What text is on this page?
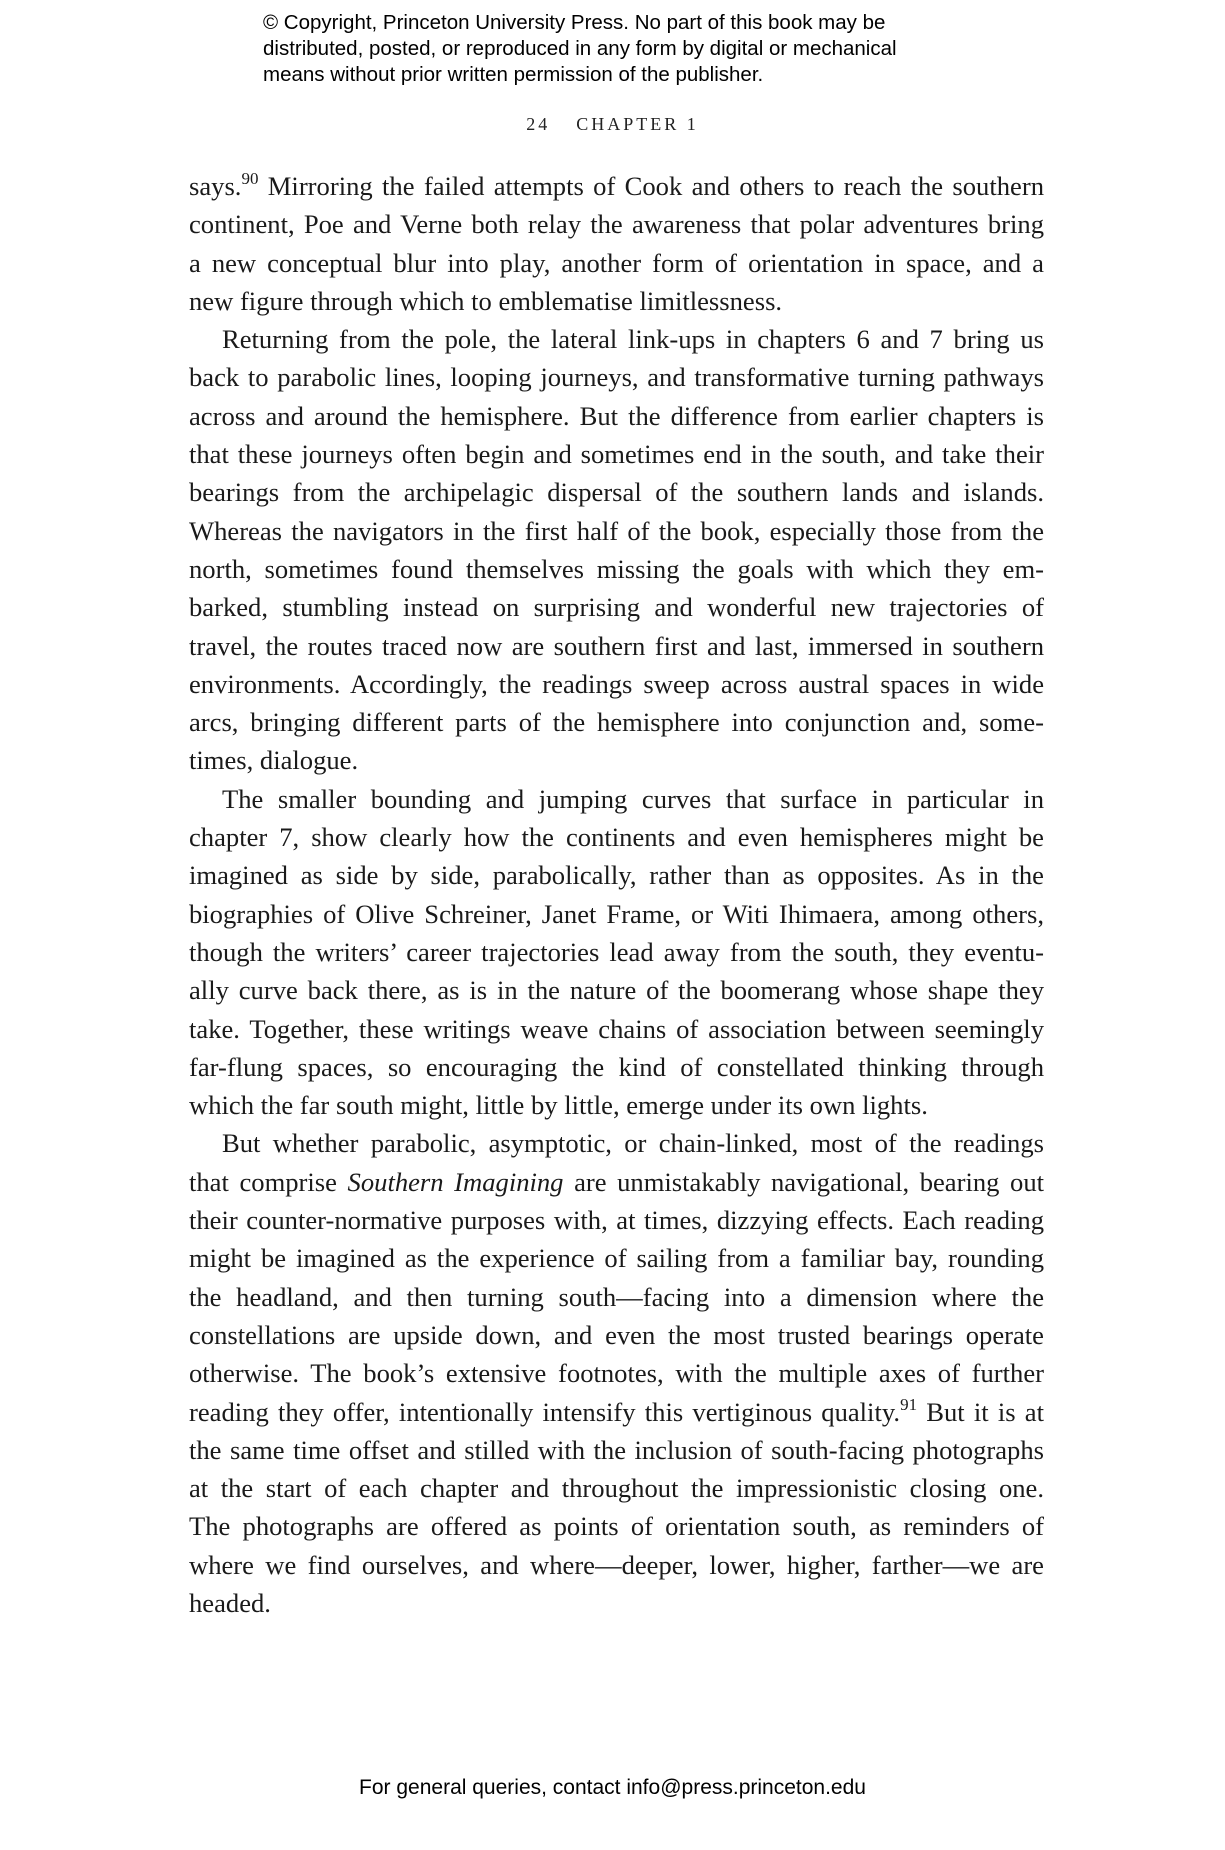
© Copyright, Princeton University Press. No part of this book may be
distributed, posted, or reproduced in any form by digital or mechanical
means without prior written permission of the publisher.
24 CHAPTER 1
says.$^{90}$ Mirroring the failed attempts of Cook and others to reach the southern
continent, Poe and Verne both relay the awareness that polar adventures bring
a new conceptual blur into play, another form of orientation in space, and a
new figure through which to emblematise limitlessness.
Returning from the pole, the lateral link-ups in chapters 6 and 7 bring us
back to parabolic lines, looping journeys, and transformative turning pathways
across and around the hemisphere. But the difference from earlier chapters is
that these journeys often begin and sometimes end in the south, and take their
bearings from the archipelagic dispersal of the southern lands and islands.
Whereas the navigators in the first half of the book, especially those from the
north, sometimes found themselves missing the goals with which they em-
barked, stumbling instead on surprising and wonderful new trajectories of
travel, the routes traced now are southern first and last, immersed in southern
environments. Accordingly, the readings sweep across austral spaces in wide
arcs, bringing different parts of the hemisphere into conjunction and, some-
times, dialogue.
The smaller bounding and jumping curves that surface in particular in
chapter 7, show clearly how the continents and even hemispheres might be
imagined as side by side, parabolically, rather than as opposites. As in the
biographies of Olive Schreiner, Janet Frame, or Witi Ihimaera, among others,
though the writers’ career trajectories lead away from the south, they eventu-
ally curve back there, as is in the nature of the boomerang whose shape they
take. Together, these writings weave chains of association between seemingly
far-flung spaces, so encouraging the kind of constellated thinking through
which the far south might, little by little, emerge under its own lights.
But whether parabolic, asymptotic, or chain-linked, most of the readings
that comprise Southern Imagining are unmistakably navigational, bearing out
their counter-normative purposes with, at times, dizzying effects. Each reading
might be imagined as the experience of sailing from a familiar bay, rounding
the headland, and then turning south—facing into a dimension where the
constellations are upside down, and even the most trusted bearings operate
otherwise. The book’s extensive footnotes, with the multiple axes of further
reading they offer, intentionally intensify this vertiginous quality.$^{91}$ But it is at
the same time offset and stilled with the inclusion of south-facing photographs
at the start of each chapter and throughout the impressionistic closing one.
The photographs are offered as points of orientation south, as reminders of
where we find ourselves, and where—deeper, lower, higher, farther—we are
headed.
For general queries, contact info@press.princeton.edu
